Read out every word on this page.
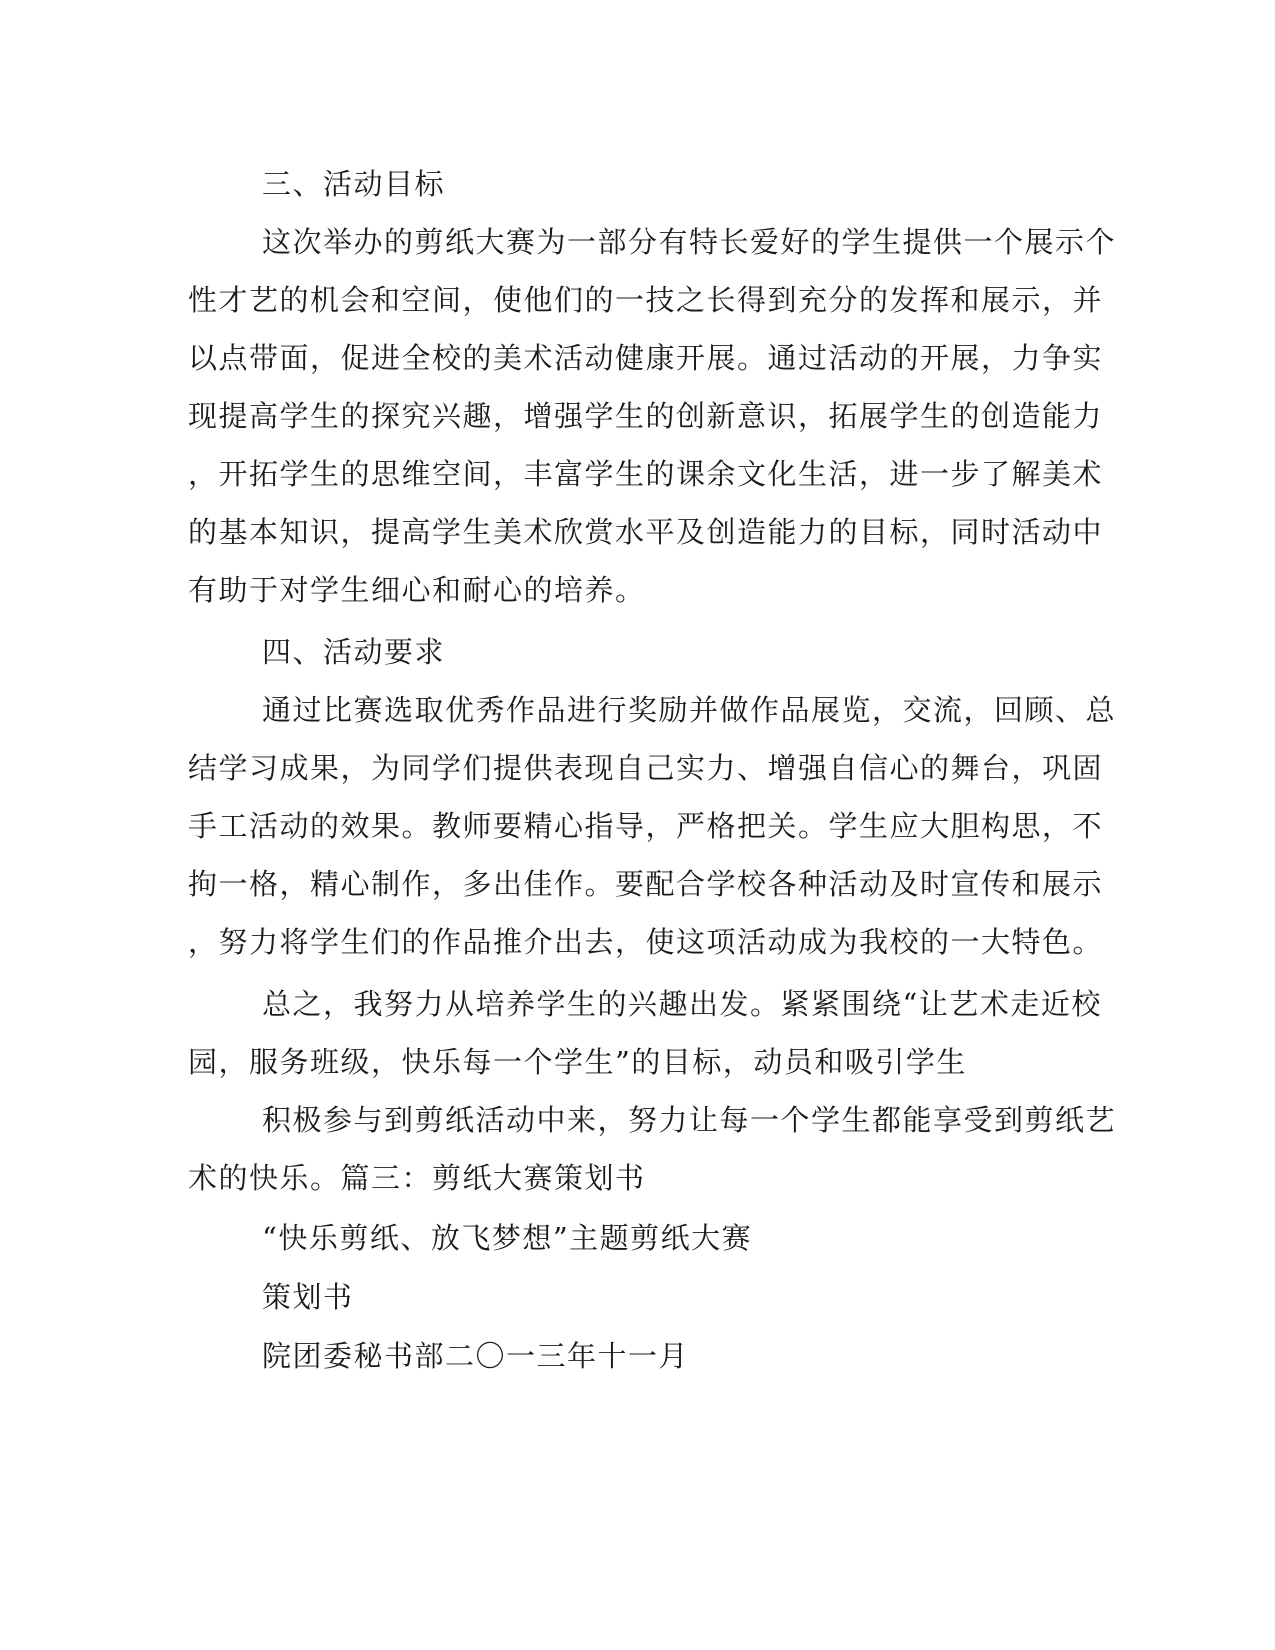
三、活动目标
这次举办的剪纸大赛为一部分有特长爱好的学生提供一个展示个
性才艺的机会和空间，使他们的一技之长得到充分的发挥和展示，并
以点带面，促进全校的美术活动健康开展。通过活动的开展，力争实
现提高学生的探究兴趣，增强学生的创新意识，拓展学生的创造能力
，开拓学生的思维空间，丰富学生的课余文化生活，进一步了解美术
的基本知识，提高学生美术欣赏水平及创造能力的目标，同时活动中
有助于对学生细心和耐心的培养。
四、活动要求
通过比赛选取优秀作品进行奖励并做作品展览，交流，回顾、总
结学习成果，为同学们提供表现自己实力、增强自信心的舞台，巩固
手工活动的效果。教师要精心指导，严格把关。学生应大胆构思，不
拘一格，精心制作，多出佳作。要配合学校各种活动及时宣传和展示
，努力将学生们的作品推介出去，使这项活动成为我校的一大特色。
总之，我努力从培养学生的兴趣出发。紧紧围绕“让艺术走近校
园，服务班级，快乐每一个学生”的目标，动员和吸引学生
积极参与到剪纸活动中来，努力让每一个学生都能享受到剪纸艺
术的快乐。篇三：剪纸大赛策划书
“快乐剪纸、放飞梦想”主题剪纸大赛
策划书
院团委秘书部二〇一三年十一月
